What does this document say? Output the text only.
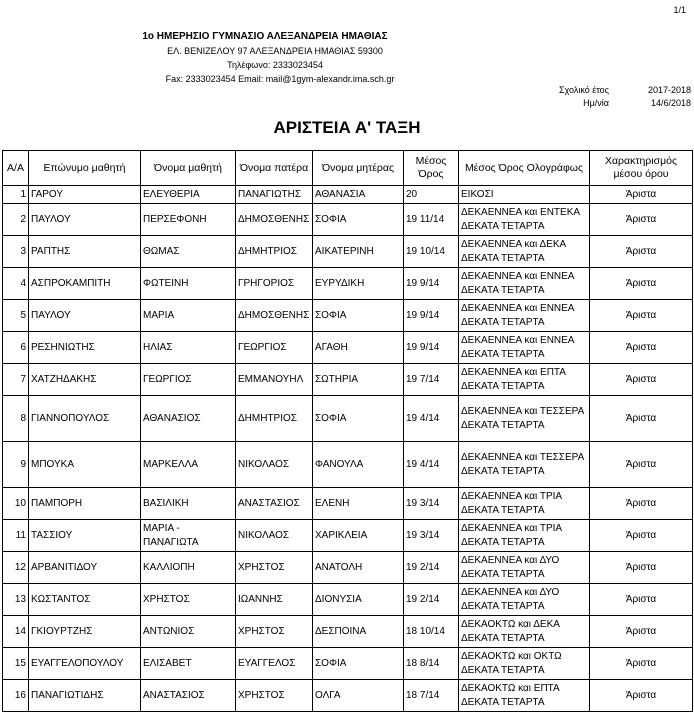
1/1
1ο ΗΜΕΡΗΣΙΟ ΓΥΜΝΑΣΙΟ ΑΛΕΞΑΝΔΡΕΙΑ ΗΜΑΘΙΑΣ
ΕΛ. ΒΕΝΙΖΕΛΟΥ 97 ΑΛΕΞΑΝΔΡΕΙΑ ΗΜΑΘΙΑΣ 59300
Τηλέφωνο: 2333023454
Fax: 2333023454 Email: mail@1gym-alexandr.ima.sch.gr
Σχολικό έτος	2017-2018
Ημ/νία	14/6/2018
ΑΡΙΣΤΕΙΑ Α' ΤΑΞΗ
Α/Α	Επώνυμο μαθητή	Όνομα μαθητή	Όνομα πατέρα	Όνομα μητέρας	Μέσος Όρος	Μέσος Όρος Ολογράφως	Χαρακτηρισμός μέσου όρου
1	ΓΑΡΟΥ	ΕΛΕΥΘΕΡΙΑ	ΠΑΝΑΓΙΩΤΗΣ	ΑΘΑΝΑΣΙΑ	20	ΕΙΚΟΣΙ	Άριστα
2	ΠΑΥΛΟΥ	ΠΕΡΣΕΦΟΝΗ	ΔΗΜΟΣΘΕΝΗΣ	ΣΟΦΙΑ	19 11/14	ΔΕΚΑΕΝΝΕΑ και ΕΝΤΕΚΑ ΔΕΚΑΤΑ ΤΕΤΑΡΤΑ	Άριστα
3	ΡΑΠΤΗΣ	ΘΩΜΑΣ	ΔΗΜΗΤΡΙΟΣ	ΑΙΚΑΤΕΡΙΝΗ	19 10/14	ΔΕΚΑΕΝΝΕΑ και ΔΕΚΑ ΔΕΚΑΤΑ ΤΕΤΑΡΤΑ	Άριστα
4	ΑΣΠΡΟΚΑΜΠΙΤΗ	ΦΩΤΕΙΝΗ	ΓΡΗΓΟΡΙΟΣ	ΕΥΡΥΔΙΚΗ	19 9/14	ΔΕΚΑΕΝΝΕΑ και ΕΝΝΕΑ ΔΕΚΑΤΑ ΤΕΤΑΡΤΑ	Άριστα
5	ΠΑΥΛΟΥ	ΜΑΡΙΑ	ΔΗΜΟΣΘΕΝΗΣ	ΣΟΦΙΑ	19 9/14	ΔΕΚΑΕΝΝΕΑ και ΕΝΝΕΑ ΔΕΚΑΤΑ ΤΕΤΑΡΤΑ	Άριστα
6	ΡΕΣΗΝΙΩΤΗΣ	ΗΛΙΑΣ	ΓΕΩΡΓΙΟΣ	ΑΓΑΘΗ	19 9/14	ΔΕΚΑΕΝΝΕΑ και ΕΝΝΕΑ ΔΕΚΑΤΑ ΤΕΤΑΡΤΑ	Άριστα
7	ΧΑΤΖΗΔΑΚΗΣ	ΓΕΩΡΓΙΟΣ	ΕΜΜΑΝΟΥΗΛ	ΣΩΤΗΡΙΑ	19 7/14	ΔΕΚΑΕΝΝΕΑ και ΕΠΤΑ ΔΕΚΑΤΑ ΤΕΤΑΡΤΑ	Άριστα
8	ΓΙΑΝΝΟΠΟΥΛΟΣ	ΑΘΑΝΑΣΙΟΣ	ΔΗΜΗΤΡΙΟΣ	ΣΟΦΙΑ	19 4/14	ΔΕΚΑΕΝΝΕΑ και ΤΕΣΣΕΡΑ ΔΕΚΑΤΑ ΤΕΤΑΡΤΑ	Άριστα
9	ΜΠΟΥΚΑ	ΜΑΡΚΕΛΛΑ	ΝΙΚΟΛΑΟΣ	ΦΑΝΟΥΛΑ	19 4/14	ΔΕΚΑΕΝΝΕΑ και ΤΕΣΣΕΡΑ ΔΕΚΑΤΑ ΤΕΤΑΡΤΑ	Άριστα
10	ΠΑΜΠΟΡΗ	ΒΑΣΙΛΙΚΗ	ΑΝΑΣΤΑΣΙΟΣ	ΕΛΕΝΗ	19 3/14	ΔΕΚΑΕΝΝΕΑ και ΤΡΙΑ ΔΕΚΑΤΑ ΤΕΤΑΡΤΑ	Άριστα
11	ΤΑΣΣΙΟΥ	ΜΑΡΙΑ - ΠΑΝΑΓΙΩΤΑ	ΝΙΚΟΛΑΟΣ	ΧΑΡΙΚΛΕΙΑ	19 3/14	ΔΕΚΑΕΝΝΕΑ και ΤΡΙΑ ΔΕΚΑΤΑ ΤΕΤΑΡΤΑ	Άριστα
12	ΑΡΒΑΝΙΤΙΔΟΥ	ΚΑΛΛΙΟΠΗ	ΧΡΗΣΤΟΣ	ΑΝΑΤΟΛΗ	19 2/14	ΔΕΚΑΕΝΝΕΑ και ΔΥΟ ΔΕΚΑΤΑ ΤΕΤΑΡΤΑ	Άριστα
13	ΚΩΣΤΑΝΤΟΣ	ΧΡΗΣΤΟΣ	ΙΩΑΝΝΗΣ	ΔΙΟΝΥΣΙΑ	19 2/14	ΔΕΚΑΕΝΝΕΑ και ΔΥΟ ΔΕΚΑΤΑ ΤΕΤΑΡΤΑ	Άριστα
14	ΓΚΙΟΥΡΤΖΗΣ	ΑΝΤΩΝΙΟΣ	ΧΡΗΣΤΟΣ	ΔΕΣΠΟΙΝΑ	18 10/14	ΔΕΚΑΟΚΤΩ και ΔΕΚΑ ΔΕΚΑΤΑ ΤΕΤΑΡΤΑ	Άριστα
15	ΕΥΑΓΓΕΛΟΠΟΥΛΟΥ	ΕΛΙΣΑΒΕΤ	ΕΥΑΓΓΕΛΟΣ	ΣΟΦΙΑ	18 8/14	ΔΕΚΑΟΚΤΩ και ΟΚΤΩ ΔΕΚΑΤΑ ΤΕΤΑΡΤΑ	Άριστα
16	ΠΑΝΑΓΙΩΤΙΔΗΣ	ΑΝΑΣΤΑΣΙΟΣ	ΧΡΗΣΤΟΣ	ΟΛΓΑ	18 7/14	ΔΕΚΑΟΚΤΩ και ΕΠΤΑ ΔΕΚΑΤΑ ΤΕΤΑΡΤΑ	Άριστα
